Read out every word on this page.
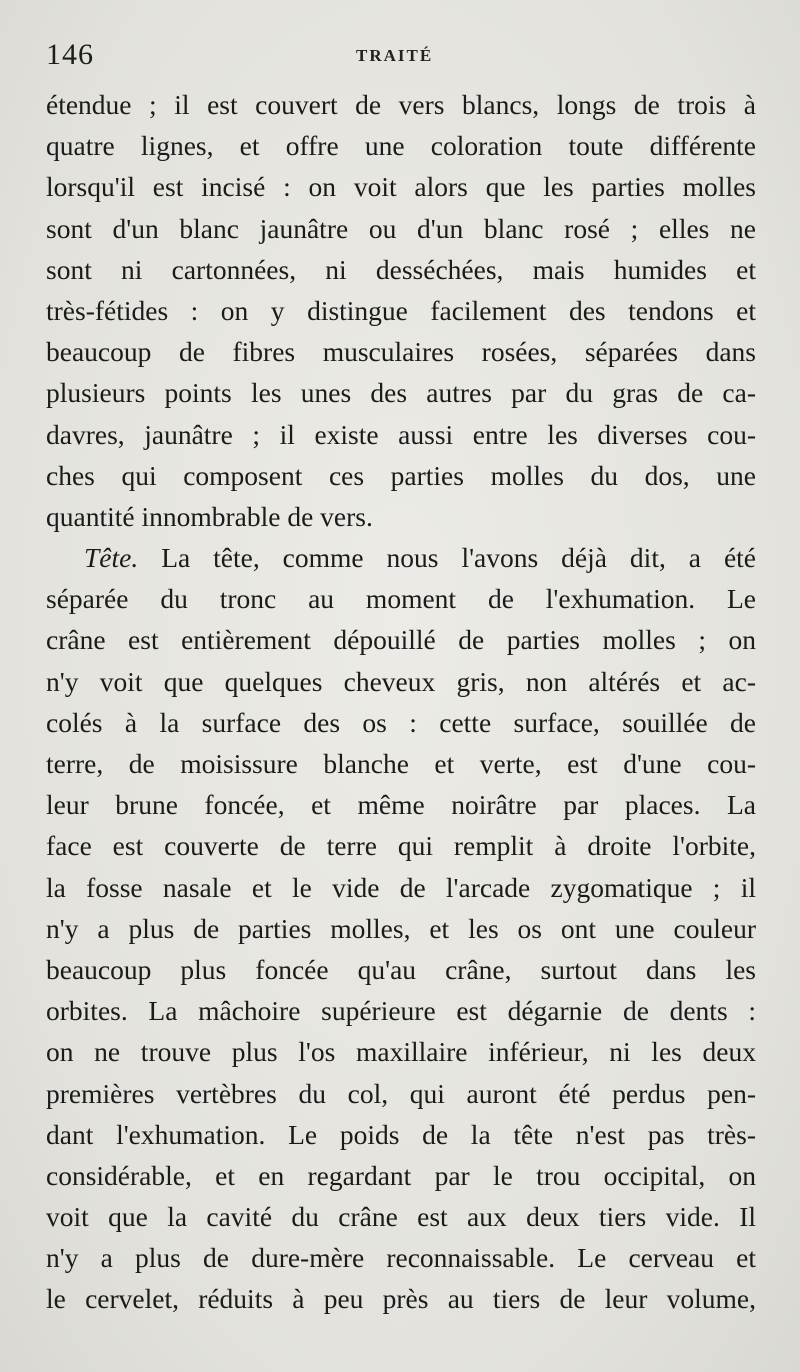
146	TRAITÉ
étendue ; il est couvert de vers blancs, longs de trois à
quatre lignes, et offre une coloration toute différente
lorsqu'il est incisé : on voit alors que les parties molles
sont d'un blanc jaunâtre ou d'un blanc rosé ; elles ne
sont ni cartonnées, ni desséchées, mais humides et
très-fétides : on y distingue facilement des tendons et
beaucoup de fibres musculaires rosées, séparées dans
plusieurs points les unes des autres par du gras de ca-
davres, jaunâtre ; il existe aussi entre les diverses cou-
ches qui composent ces parties molles du dos, une
quantité innombrable de vers.
Tête. La tête, comme nous l'avons déjà dit, a été
séparée du tronc au moment de l'exhumation. Le
crâne est entièrement dépouillé de parties molles ; on
n'y voit que quelques cheveux gris, non altérés et ac-
colés à la surface des os : cette surface, souillée de
terre, de moisissure blanche et verte, est d'une cou-
leur brune foncée, et même noirâtre par places. La
face est couverte de terre qui remplit à droite l'orbite,
la fosse nasale et le vide de l'arcade zygomatique ; il
n'y a plus de parties molles, et les os ont une couleur
beaucoup plus foncée qu'au crâne, surtout dans les
orbites. La mâchoire supérieure est dégarnie de dents :
on ne trouve plus l'os maxillaire inférieur, ni les deux
premières vertèbres du col, qui auront été perdus pen-
dant l'exhumation. Le poids de la tête n'est pas très-
considérable, et en regardant par le trou occipital, on
voit que la cavité du crâne est aux deux tiers vide. Il
n'y a plus de dure-mère reconnaissable. Le cerveau et
le cervelet, réduits à peu près au tiers de leur volume,
